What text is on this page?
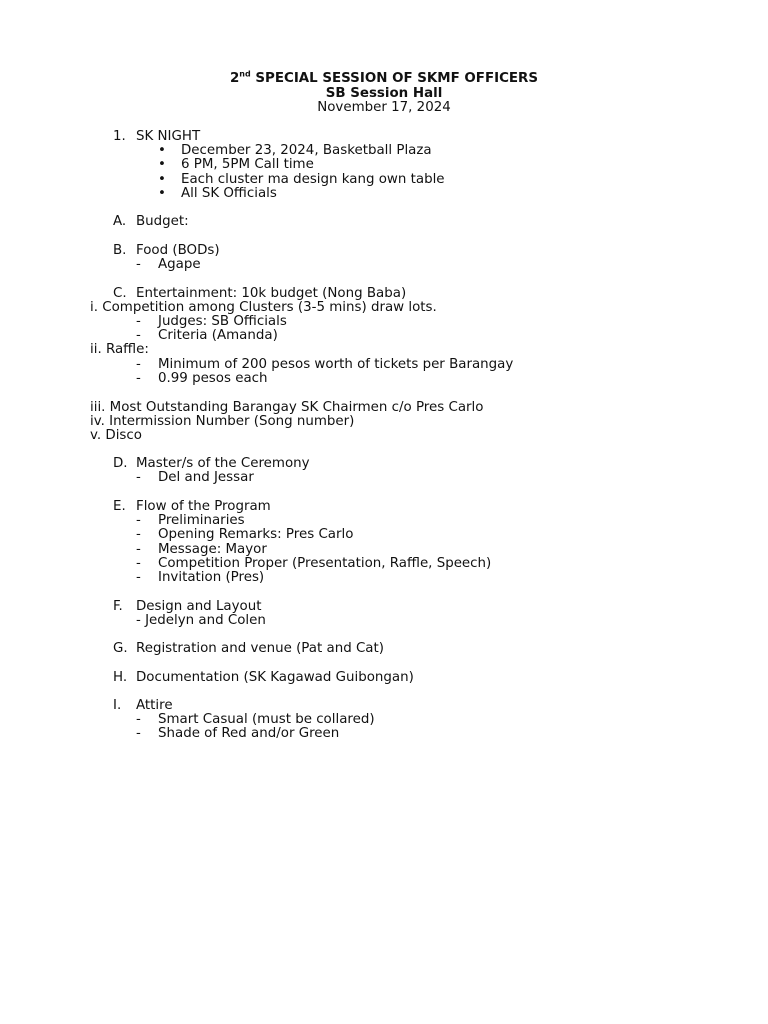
2nd SPECIAL SESSION OF SKMF OFFICERS
SB Session Hall
November 17, 2024
1. SK NIGHT
• December 23, 2024, Basketball Plaza
• 6 PM, 5PM Call time
• Each cluster ma design kang own table
• All SK Officials
A. Budget:
B. Food (BODs)
- Agape
C. Entertainment: 10k budget (Nong Baba)
i. Competition among Clusters (3-5 mins) draw lots.
- Judges: SB Officials
- Criteria (Amanda)
ii. Raffle:
- Minimum of 200 pesos worth of tickets per Barangay
- 0.99 pesos each
iii. Most Outstanding Barangay SK Chairmen c/o Pres Carlo
iv. Intermission Number (Song number)
v. Disco
D. Master/s of the Ceremony
- Del and Jessar
E. Flow of the Program
- Preliminaries
- Opening Remarks: Pres Carlo
- Message: Mayor
- Competition Proper (Presentation, Raffle, Speech)
- Invitation (Pres)
F. Design and Layout
- Jedelyn and Colen
G. Registration and venue (Pat and Cat)
H. Documentation (SK Kagawad Guibongan)
I. Attire
- Smart Casual (must be collared)
- Shade of Red and/or Green
